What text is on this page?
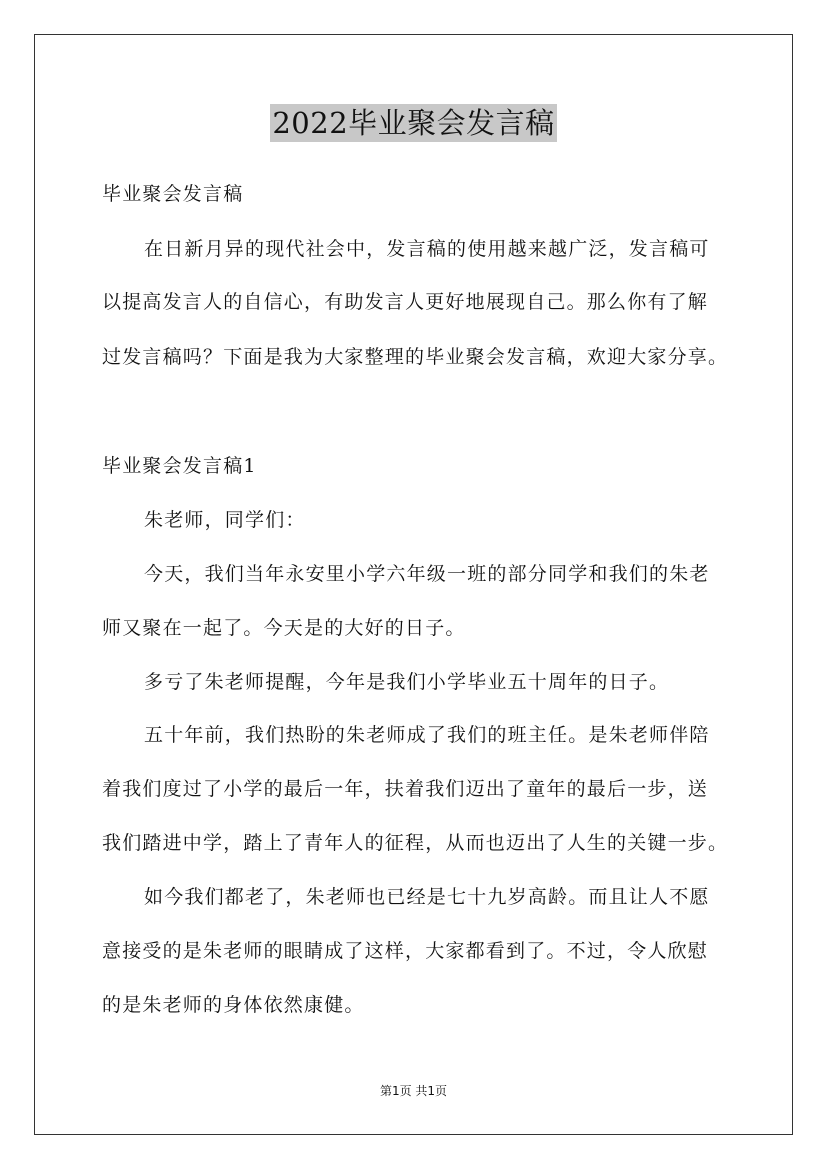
2022毕业聚会发言稿
毕业聚会发言稿
在日新月异的现代社会中，发言稿的使用越来越广泛，发言稿可
以提高发言人的自信心，有助发言人更好地展现自己。那么你有了解
过发言稿吗？下面是我为大家整理的毕业聚会发言稿，欢迎大家分享。
毕业聚会发言稿1
朱老师，同学们：
今天，我们当年永安里小学六年级一班的部分同学和我们的朱老
师又聚在一起了。今天是的大好的日子。
多亏了朱老师提醒，今年是我们小学毕业五十周年的日子。
五十年前，我们热盼的朱老师成了我们的班主任。是朱老师伴陪
着我们度过了小学的最后一年，扶着我们迈出了童年的最后一步，送
我们踏进中学，踏上了青年人的征程，从而也迈出了人生的关键一步。
如今我们都老了，朱老师也已经是七十九岁高龄。而且让人不愿
意接受的是朱老师的眼睛成了这样，大家都看到了。不过，令人欣慰
的是朱老师的身体依然康健。
第1页 共1页
